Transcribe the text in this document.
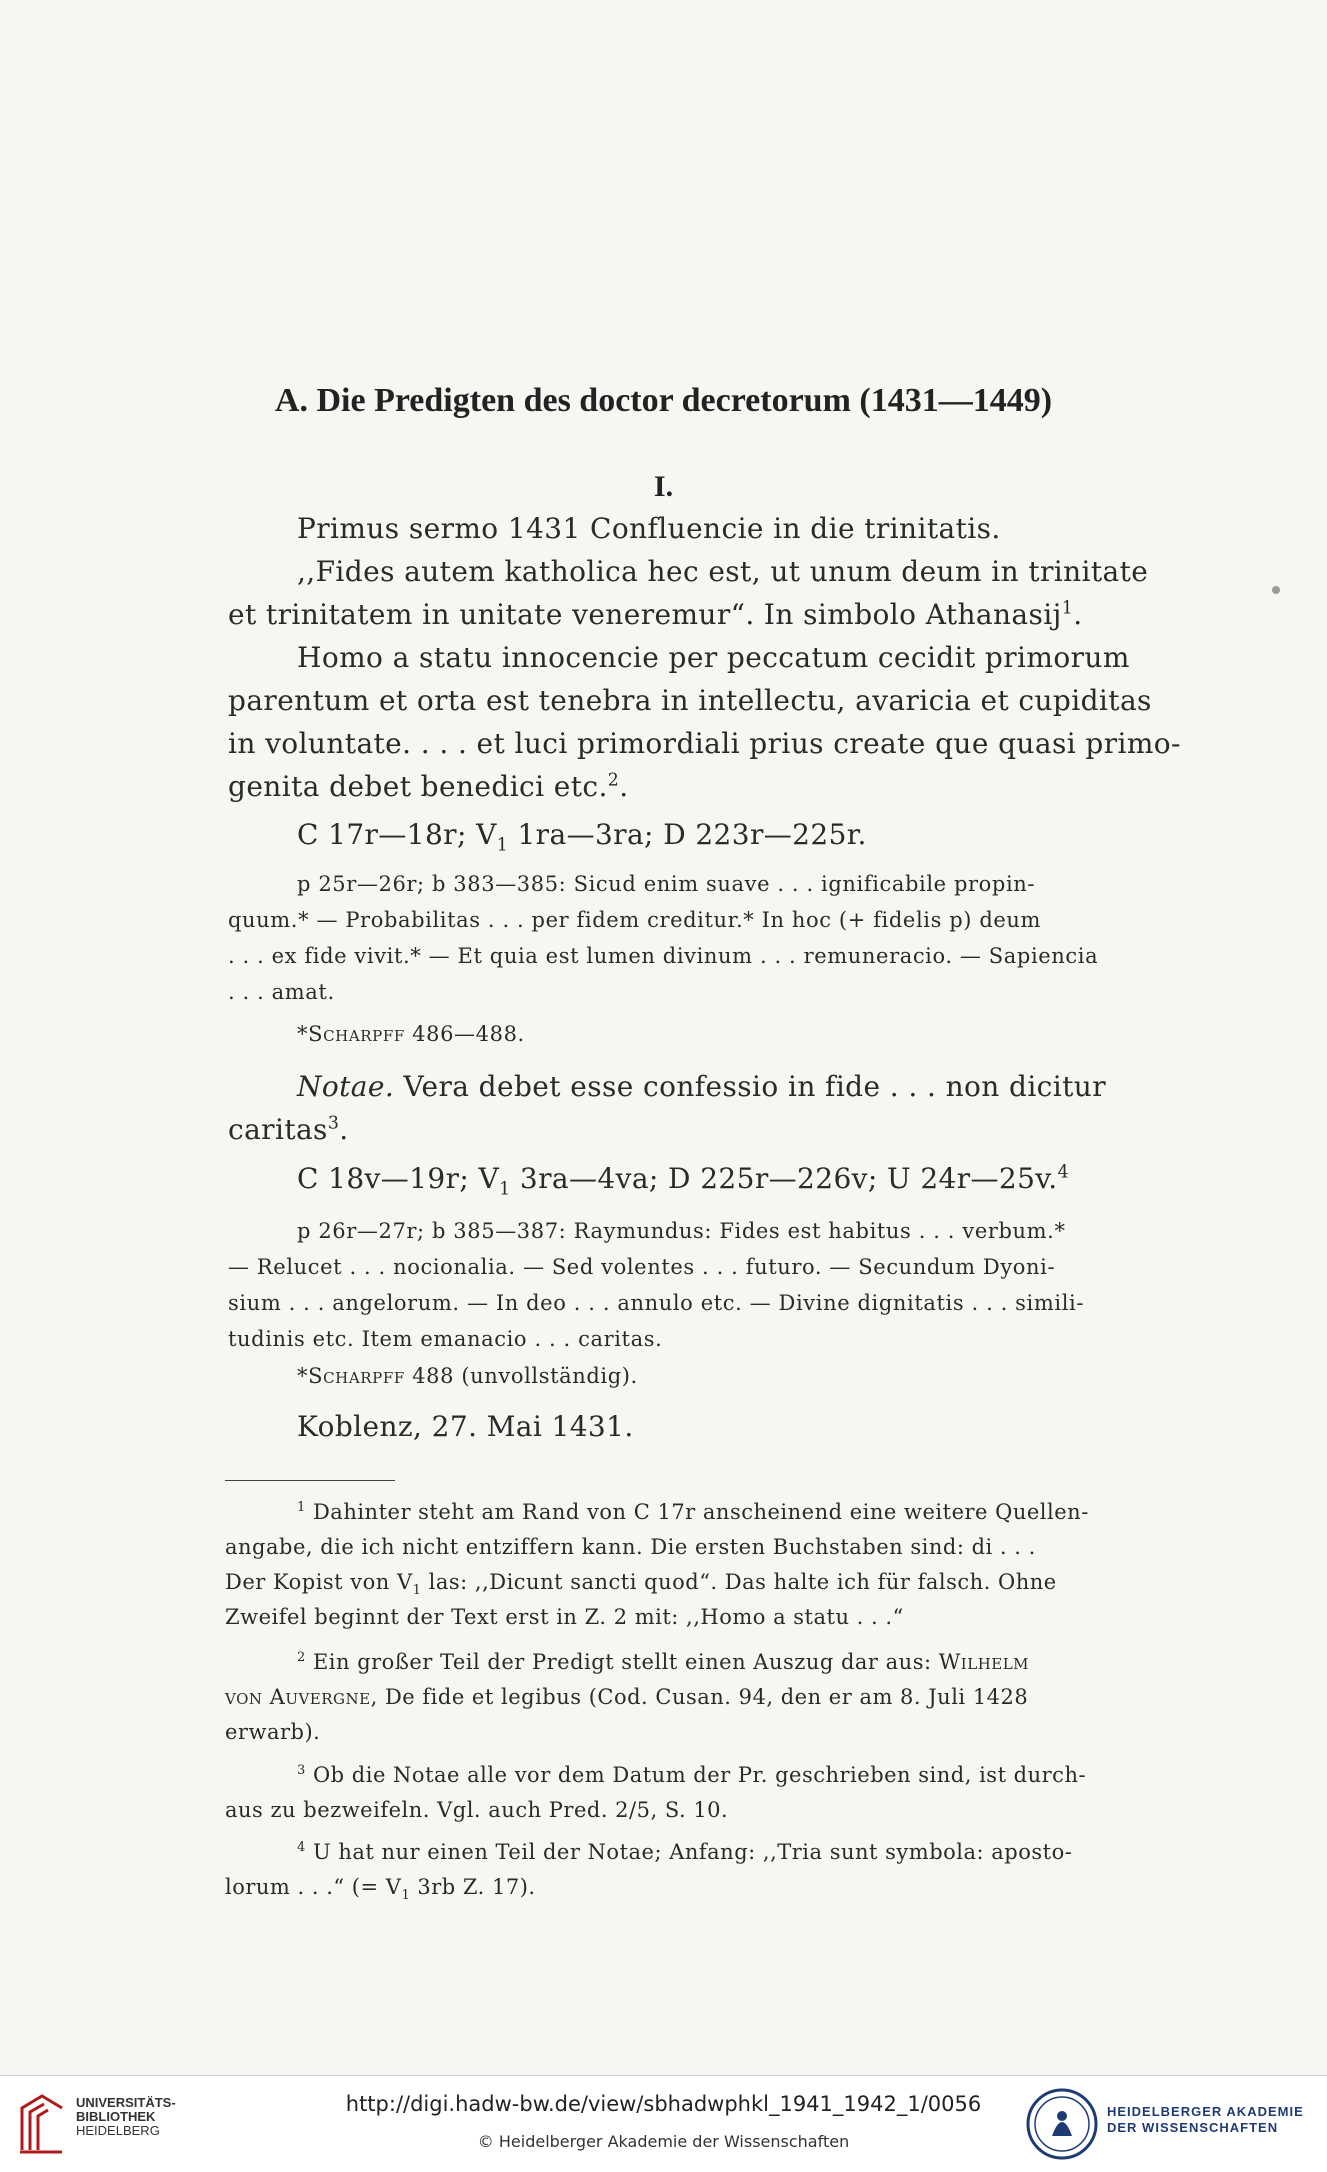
A. Die Predigten des doctor decretorum (1431—1449)
I.
Primus sermo 1431 Confluencie in die trinitatis.
,,Fides autem katholica hec est, ut unum deum in trinitate
et trinitatem in unitate veneremur“. In simbolo Athanasij$^1$.
Homo a statu innocencie per peccatum cecidit primorum
parentum et orta est tenebra in intellectu, avaricia et cupiditas
in voluntate. . . . et luci primordiali prius create que quasi primo-
genita debet benedici etc.$^2$.
C 17r—18r; $V_1$ 1ra—3ra; D 223r—225r.
p 25r—26r; b 383—385: Sicud enim suave . . . ignificabile propin-
quum.* — Probabilitas . . . per fidem creditur.* In hoc (+ fidelis p) deum
. . . ex fide vivit.* — Et quia est lumen divinum . . . remuneracio. — Sapiencia
. . . amat.
*Scharpff 486—488.
Notae. Vera debet esse confessio in fide . . . non dicitur
caritas$^3$.
C 18v—19r; $V_1$ 3ra—4va; D 225r—226v; U 24r—25v.$^4$
p 26r—27r; b 385—387: Raymundus: Fides est habitus . . . verbum.*
— Relucet . . . nocionalia. — Sed volentes . . . futuro. — Secundum Dyoni-
sium . . . angelorum. — In deo . . . annulo etc. — Divine dignitatis . . . simili-
tudinis etc. Item emanacio . . . caritas.
*Scharpff 488 (unvollständig).
Koblenz, 27. Mai 1431.
$^1$ Dahinter steht am Rand von C 17r anscheinend eine weitere Quellen-
angabe, die ich nicht entziffern kann. Die ersten Buchstaben sind: di . . .
Der Kopist von $V_1$ las: ,,Dicunt sancti quod“. Das halte ich für falsch. Ohne
Zweifel beginnt der Text erst in Z. 2 mit: ,,Homo a statu . . .“
$^2$ Ein großer Teil der Predigt stellt einen Auszug dar aus: Wilhelm
von Auvergne, De fide et legibus (Cod. Cusan. 94, den er am 8. Juli 1428
erwarb).
$^3$ Ob die Notae alle vor dem Datum der Pr. geschrieben sind, ist durch-
aus zu bezweifeln. Vgl. auch Pred. 2/5, S. 10.
$^4$ U hat nur einen Teil der Notae; Anfang: ,,Tria sunt symbola: aposto-
lorum . . .“ (= $V_1$ 3rb Z. 17).
UNIVERSITÄTS-
BIBLIOTHEK
HEIDELBERG
http://digi.hadw-bw.de/view/sbhadwphkl_1941_1942_1/0056
© Heidelberger Akademie der Wissenschaften
HEIDELBERGER AKADEMIE
DER WISSENSCHAFTEN
